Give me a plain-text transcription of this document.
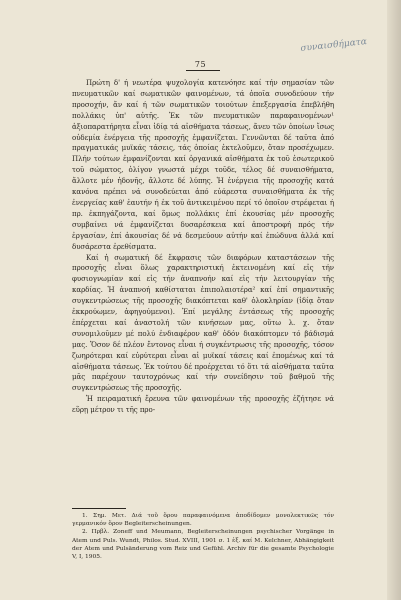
75
συναισθήματα

Πρώτη δ' ή νεωτέρα ψυχολογία κατενόησε καί τήν σημασίαν τῶν πνευματικῶν καί σωματικῶν φαινομένων, τά ὁποῖα συνοδεύουν τήν προσοχήν, ἄν καί ή τῶν σωματικῶν τοιούτων ἐπεξεργασία ἐπεβλήθη πολλάκις ὑπ' αὐτῆς. Ἐκ τῶν πνευματικῶν παραφαινομένων¹ ἀξιοπαρατήρητα εἶναι ἰδίᾳ τά αἰσθήματα τάσεως, ἄνευ τῶν ὁποίων ἴσως οὐδεμία ἐνέργεια τῆς προσοχῆς ἐμφανίζεται. Γεννῶνται δέ ταῦτα ἀπό πραγματικάς μυϊκάς τάσεις, τάς ὁποίας ἐκτελοῦμεν, ὅταν προσέχωμεν. Πλήν τούτων ἐμφανίζονται καί ὀργανικά αἰσθήματα ἐκ τοῦ ἐσωτερικοῦ τοῦ σώματος, ὀλίγον γνωστά μέχρι τοῦδε, τέλος δέ συναισθήματα, ἄλλοτε μέν ἡδονῆς, ἄλλοτε δέ λύπης. Ἡ ἐνέργεια τῆς προσοχῆς κατά κανόνα πρέπει νά συνοδεύεται ἀπό εὐάρεστα συναισθήματα ἐκ τῆς ἐνεργείας καθ' ἑαυτήν ή ἐκ τοῦ ἀντικειμένου περί τό ὁποῖον στρέφεται ή πρ. ἐκπηγάζοντα, καί ὅμως πολλάκις ἐπί ἐκουσίας μέν προσοχῆς συμβαίνει νά ἐμφανίζεται δυσαρέσκεια καί ἀποστροφή πρός τήν ἐργασίαν, ἐπί ἀκουσίας δέ νά δεσμεύουν αὐτήν καί ἐπώδυνα ἀλλά καί δυσάρεστα ἐρεθίσματα.

Καί ἡ σωματική δέ ἔκφρασις τῶν διαφόρων καταστάσεων τῆς προσοχῆς εἶναι ὅλως χαρακτηριστική ἐκτεινομένη καί εἰς τήν φυσιογνωμίαν καί εἰς τήν ἀναπνοήν καί εἰς τήν λειτουργίαν τῆς καρδίας. Ἡ ἀναπνοή καθίσταται ἐπιπολαιοτέρα² καί ἐπί σημαντικῆς συγκεντρώσεως τῆς προσοχῆς διακόπτεται καθ' ὁλοκληρίαν (ἰδίᾳ ὅταν ἐκκρούωμεν, ἀφηγούμενοι). Ἐπί μεγάλης ἐντάσεως τῆς προσοχῆς ἐπέρχεται καί ἀναστολή τῶν κινήσεων μας, οὕτω λ. χ. ὅταν συνομιλοῦμεν μέ πολύ ἐνδιαφέρον καθ' ὁδόν διακόπτομεν τό βάδισμά μας. Ὅσον δέ πλέον ἔντονος εἶναι ή συγκέντρωσις τῆς προσοχῆς, τόσον ζωηρότεραι καί εὐρύτεραι εἶναι αἱ μυϊκαί τάσεις καί ἐπομένως καί τά αἰσθήματα τάσεως. Ἐκ τούτου δέ προέρχεται τό ὅτι τά αἰσθήματα ταῦτα μᾶς παρέχουν ταυτοχρόνως καί τήν συνείδησιν τοῦ βαθμοῦ τῆς συγκεντρώσεως τῆς προσοχῆς.

Ἡ πειραματική ἔρευνα τῶν φαινομένων τῆς προσοχῆς ἐζήτησε νά εὕρῃ μέτρον τι τῆς προ-

1. Σημ. Μετ. Διά τοῦ ὅρου παραφαινόμενα ἀποδίδομεν μονολεκτικῶς τόν γερμανικόν ὅρον Begleiterscheinungen.

2. Πρβλ. Zoneff und Meumann, Begleiterscheinungen psychischer Vorgänge in Atem und Puls. Wundt, Philos. Stud. XVIII, 1901 σ. 1 ἑξ. καί M. Kelchner, Abhängigkeit der Atem und Pulsänderung vom Reiz und Gefühl. Archiv für die gesamte Psychologie V, I, 1905.
